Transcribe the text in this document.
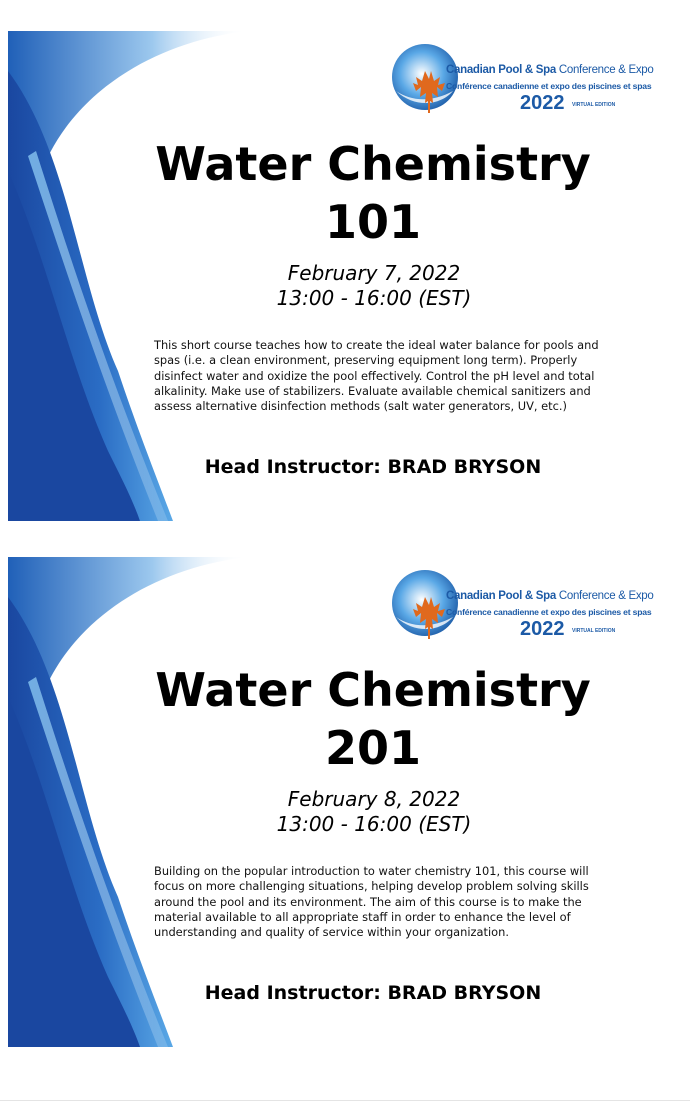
Canadian Pool & Spa Conference & Expo
Conférence canadienne et expo des piscines et spas
2022 VIRTUAL EDITION
Water Chemistry
101
February 7, 2022
13:00 - 16:00 (EST)
This short course teaches how to create the ideal water balance for pools and spas (i.e. a clean environment, preserving equipment long term). Properly disinfect water and oxidize the pool effectively. Control the pH level and total alkalinity. Make use of stabilizers. Evaluate available chemical sanitizers and assess alternative disinfection methods (salt water generators, UV, etc.)
Head Instructor: BRAD BRYSON
Canadian Pool & Spa Conference & Expo
Conférence canadienne et expo des piscines et spas
2022 VIRTUAL EDITION
Water Chemistry
201
February 8, 2022
13:00 - 16:00 (EST)
Building on the popular introduction to water chemistry 101, this course will focus on more challenging situations, helping develop problem solving skills around the pool and its environment. The aim of this course is to make the material available to all appropriate staff in order to enhance the level of understanding and quality of service within your organization.
Head Instructor: BRAD BRYSON
